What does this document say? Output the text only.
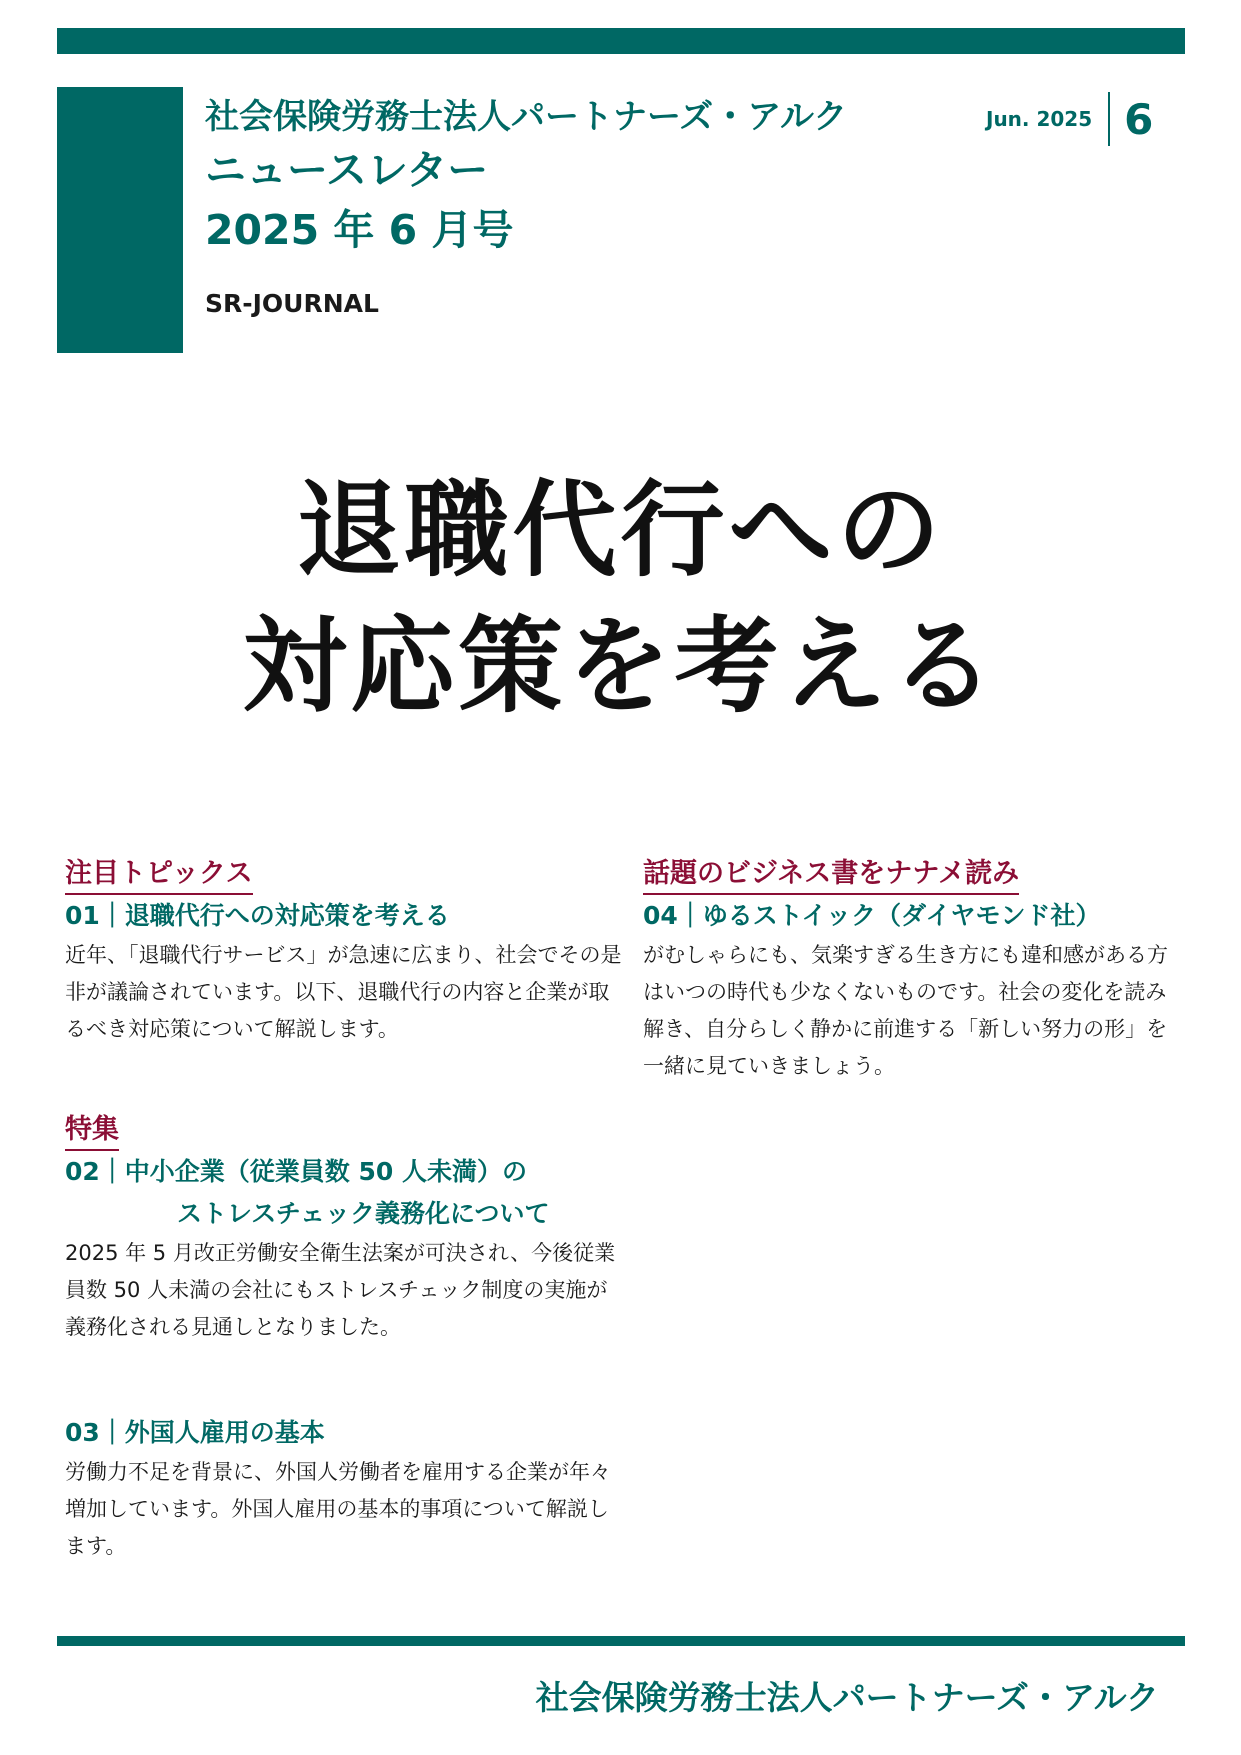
社会保険労務士法人パートナーズ・アルク
ニュースレター
2025 年 6 月号
SR-JOURNAL
Jun. 2025 6
退職代行への
対応策を考える
注目トピックス
01｜退職代行への対応策を考える

近年、「退職代行サービス」が急速に広まり、社会でその是非が議論されています。以下、退職代行の内容と企業が取るべき対応策について解説します。

特集
02｜中小企業（従業員数 50 人未満）の
ストレスチェック義務化について

2025 年 5 月改正労働安全衛生法案が可決され、今後従業員数 50 人未満の会社にもストレスチェック制度の実施が義務化される見通しとなりました。

03｜外国人雇用の基本

労働力不足を背景に、外国人労働者を雇用する企業が年々増加しています。外国人雇用の基本的事項について解説します。

話題のビジネス書をナナメ読み
04｜ゆるストイック（ダイヤモンド社）

がむしゃらにも、気楽すぎる生き方にも違和感がある方はいつの時代も少なくないものです。社会の変化を読み解き、自分らしく静かに前進する「新しい努力の形」を一緒に見ていきましょう。

社会保険労務士法人パートナーズ・アルク
